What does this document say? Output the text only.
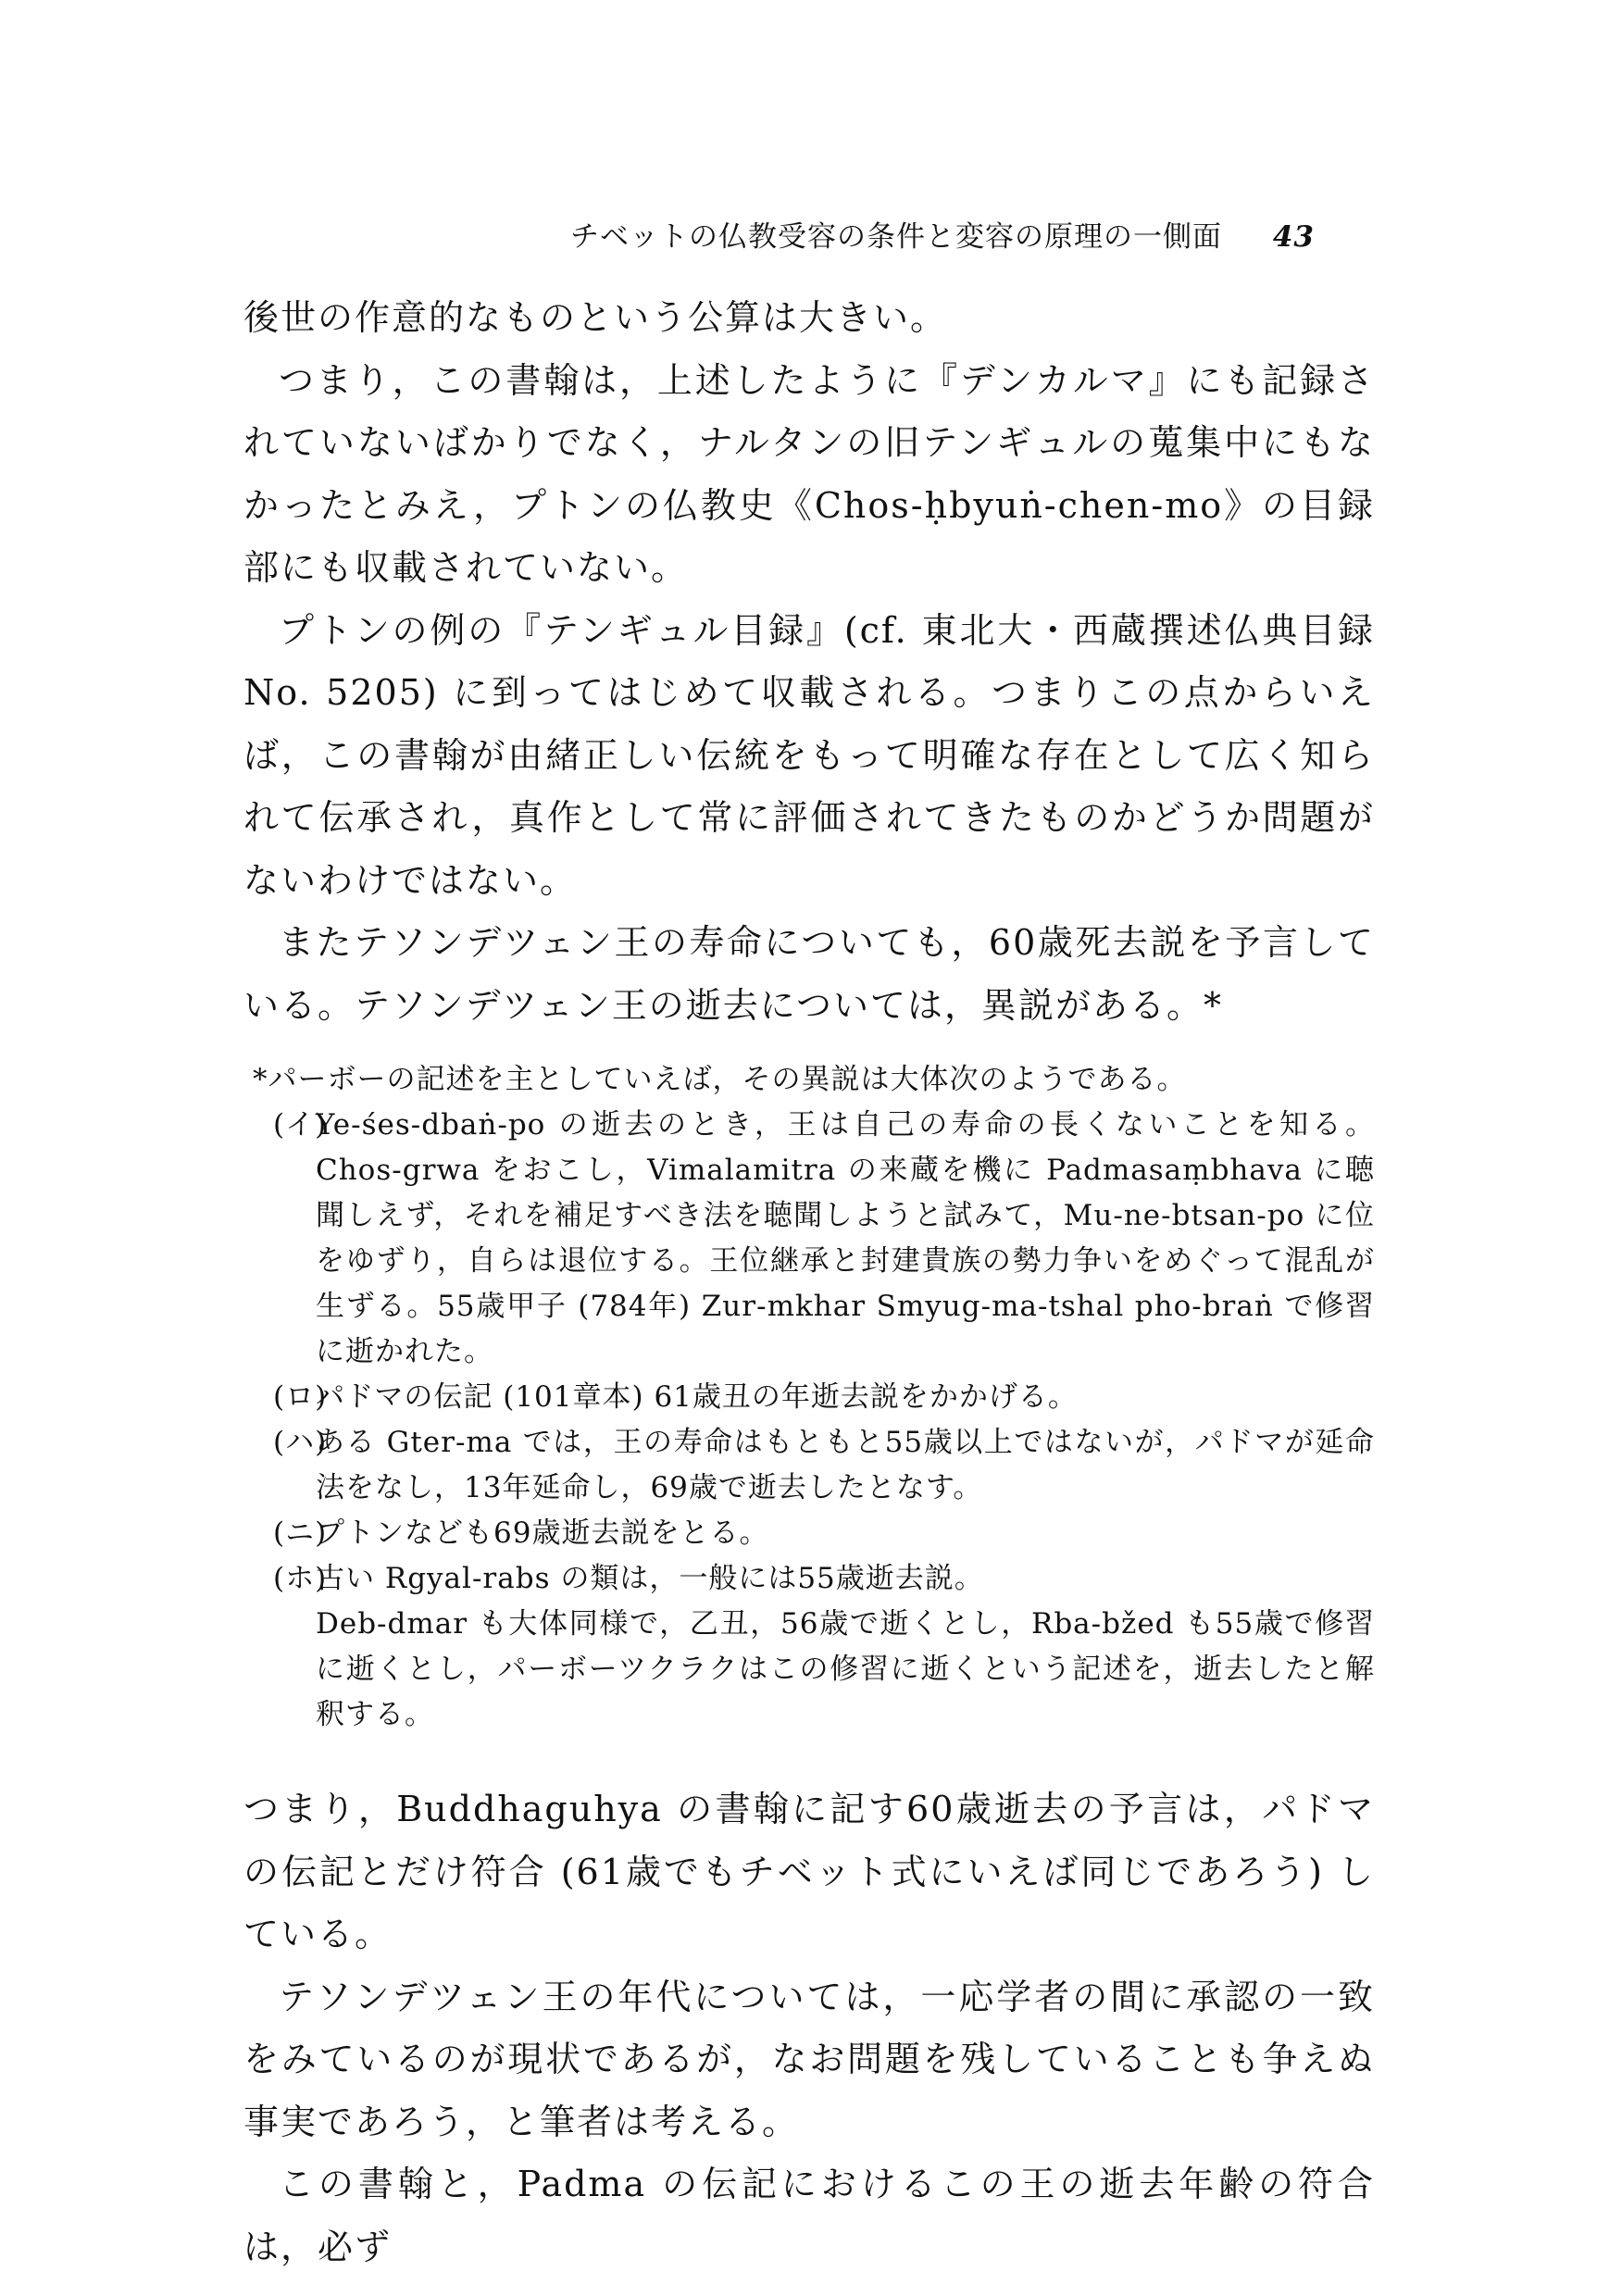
チベットの仏教受容の条件と変容の原理の一側面 43

後世の作意的なものという公算は大きい。

つまり，この書翰は，上述したように『デンカルマ』にも記録されていないばかりでなく，ナルタンの旧テンギュルの蒐集中にもなかったとみえ，プトンの仏教史《Chos-ḥbyuṅ-chen-mo》の目録部にも収載されていない。

プトンの例の『テンギュル目録』(cf. 東北大・西蔵撰述仏典目録 No. 5205) に到ってはじめて収載される。つまりこの点からいえば，この書翰が由緒正しい伝統をもって明確な存在として広く知られて伝承され，真作として常に評価されてきたものかどうか問題がないわけではない。

またテソンデツェン王の寿命についても，60歳死去説を予言している。テソンデツェン王の逝去については，異説がある。*

*パーボーの記述を主としていえば，その異説は大体次のようである。

(イ)
Ye-śes-dbaṅ-po の逝去のとき，王は自己の寿命の長くないことを知る。Chos-grwa をおこし，Vimalamitra の来蔵を機に Padmasaṃbhava に聴聞しえず，それを補足すべき法を聴聞しようと試みて，Mu-ne-btsan-po に位をゆずり，自らは退位する。王位継承と封建貴族の勢力争いをめぐって混乱が生ずる。55歳甲子 (784年) Zur-mkhar Smyug-ma-tshal pho-braṅ で修習に逝かれた。
(ロ)
パドマの伝記 (101章本) 61歳丑の年逝去説をかかげる。
(ハ)
ある Gter-ma では，王の寿命はもともと55歳以上ではないが，パドマが延命法をなし，13年延命し，69歳で逝去したとなす。
(ニ)
プトンなども69歳逝去説をとる。
(ホ)
古い Rgyal-rabs の類は，一般には55歳逝去説。

Deb-dmar も大体同様で，乙丑，56歳で逝くとし，Rba-bžed も55歳で修習に逝くとし，パーボーツクラクはこの修習に逝くという記述を，逝去したと解釈する。

つまり，Buddhaguhya の書翰に記す60歳逝去の予言は，パドマの伝記とだけ符合 (61歳でもチベット式にいえば同じであろう) している。

テソンデツェン王の年代については，一応学者の間に承認の一致をみているのが現状であるが，なお問題を残していることも争えぬ事実であろう，と筆者は考える。

この書翰と，Padma の伝記におけるこの王の逝去年齢の符合は，必ず
